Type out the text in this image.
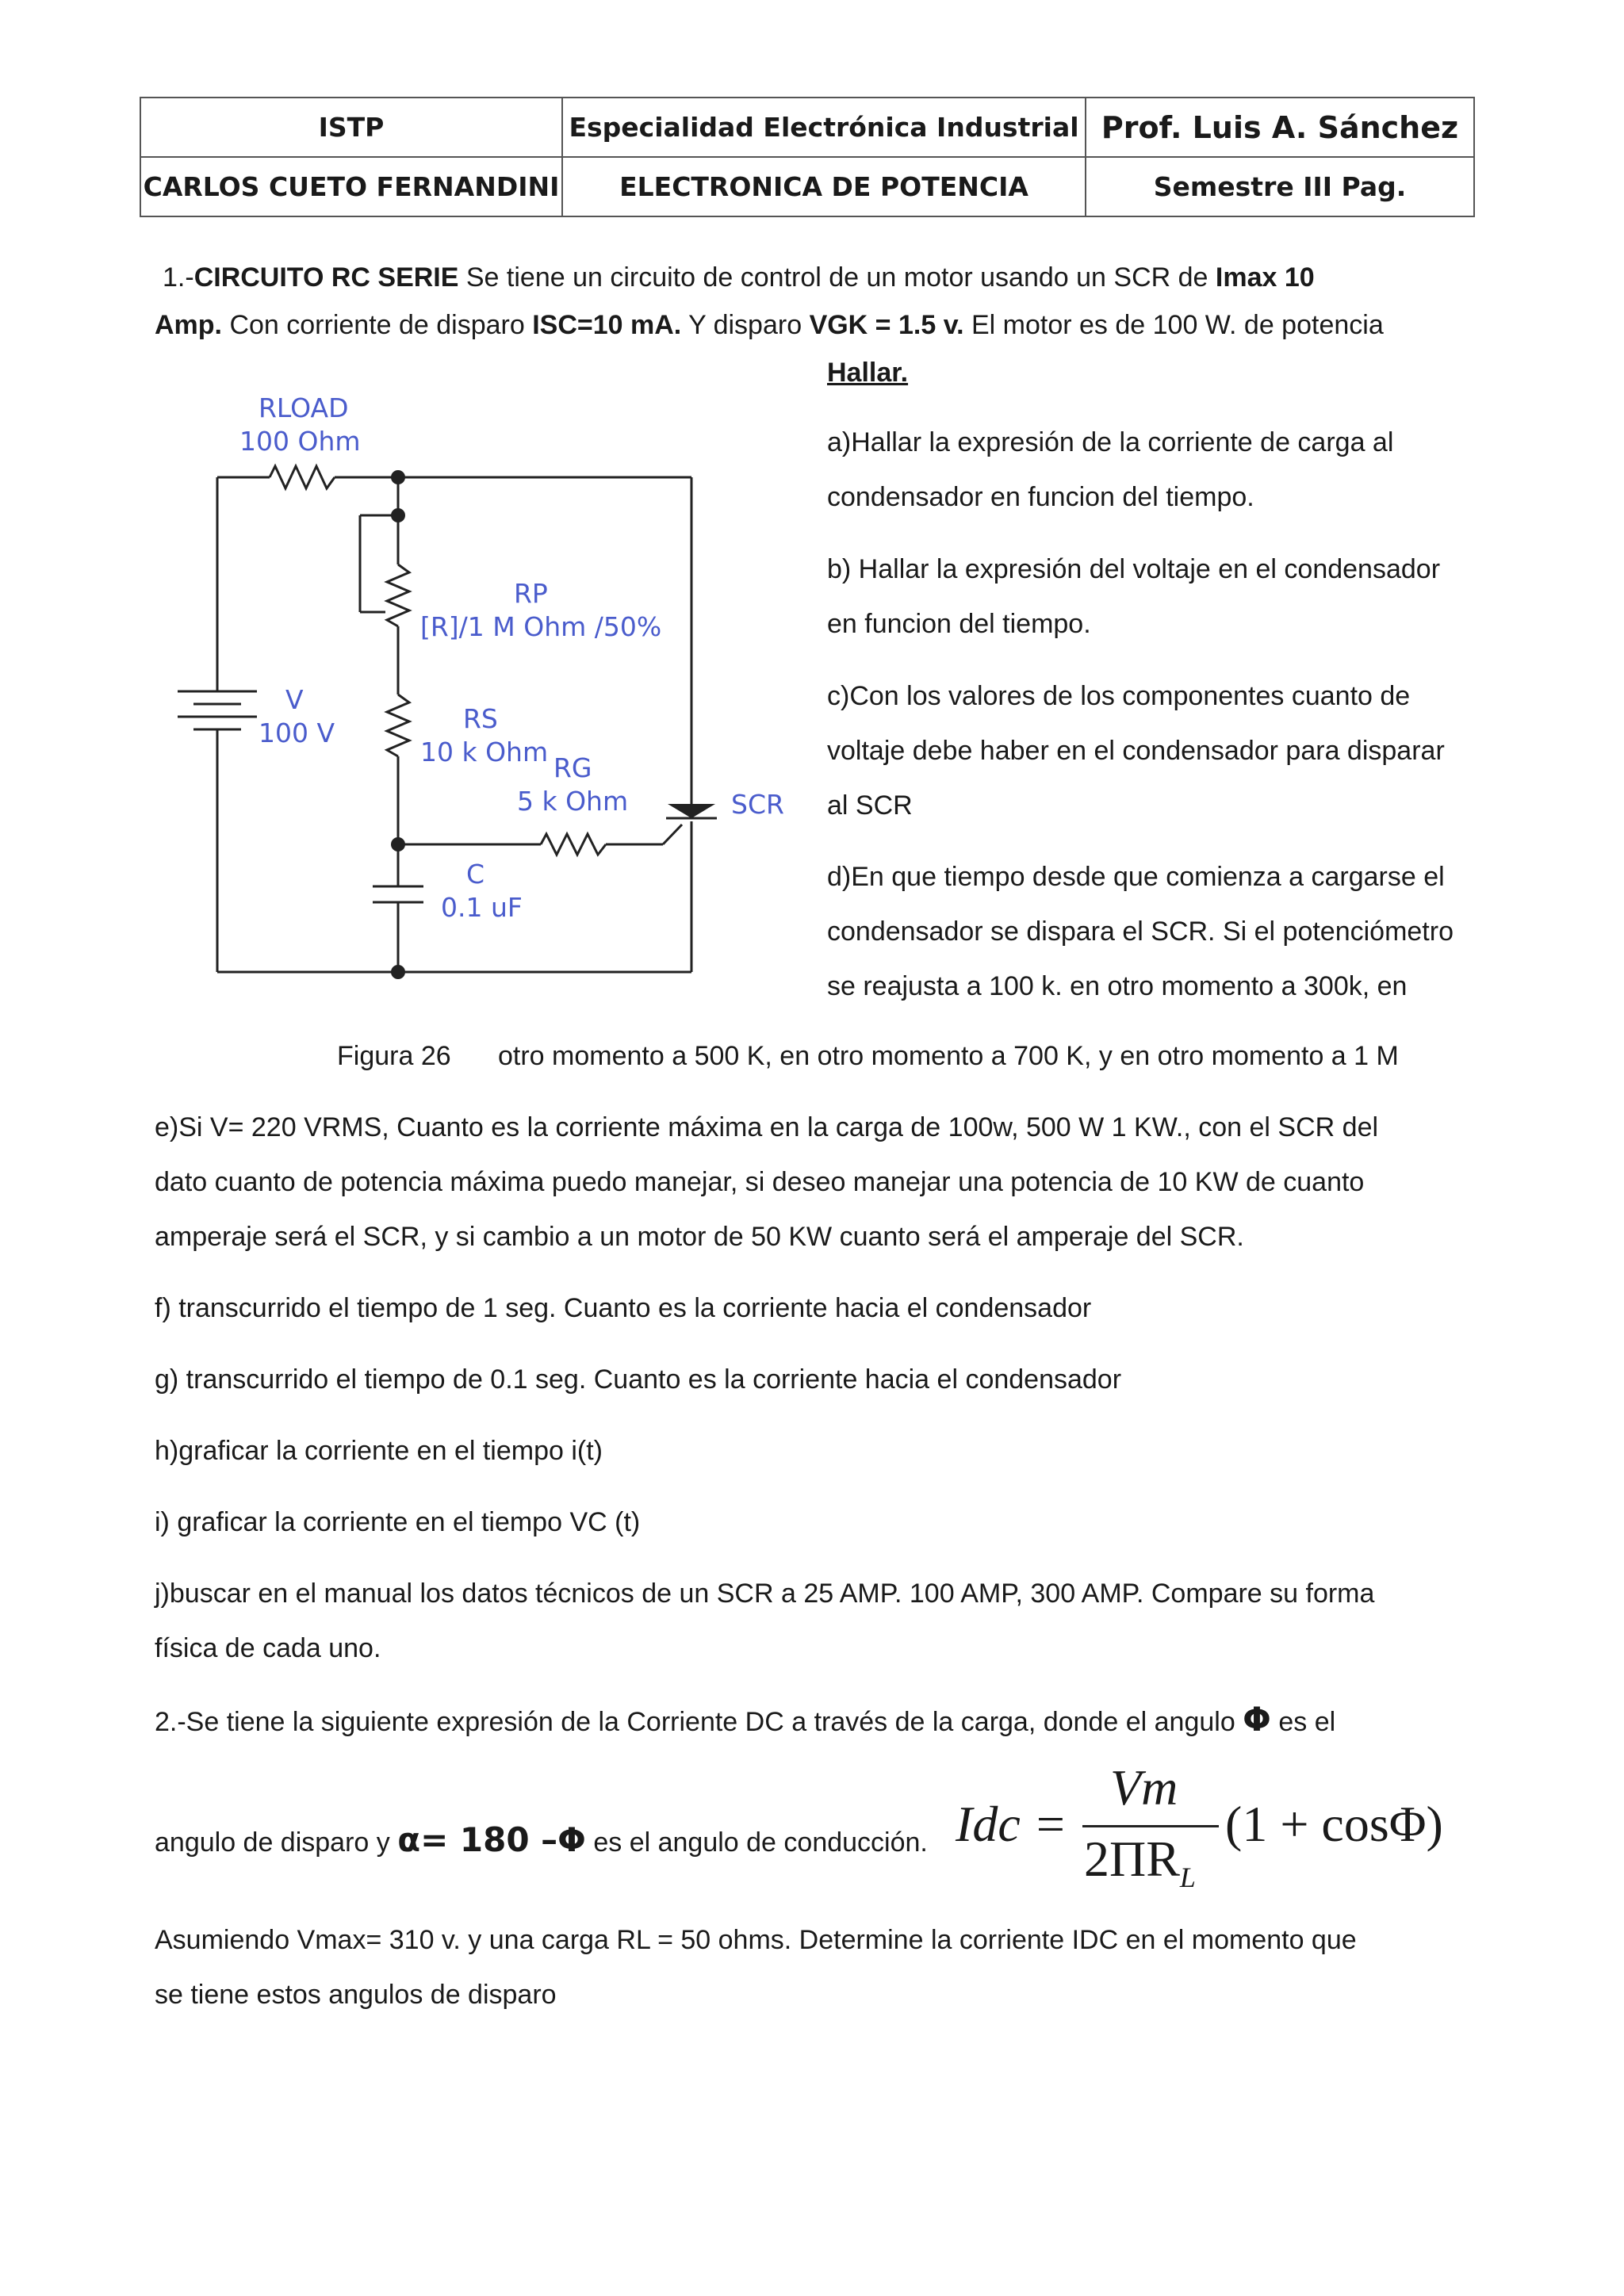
ISTP	Especialidad Electrónica Industrial	Prof. Luis A. Sánchez
CARLOS CUETO FERNANDINI	ELECTRONICA DE POTENCIA	Semestre III Pag.
1.-CIRCUITO RC SERIE Se tiene un circuito de control de un motor usando un SCR de Imax 10
Amp. Con corriente de disparo ISC=10 mA. Y disparo VGK = 1.5 v. El motor es de 100 W. de potencia
Hallar.
a)Hallar la expresión de la corriente de carga al
condensador en funcion del tiempo.
b) Hallar la expresión del voltaje en el condensador
en funcion del tiempo.
c)Con los valores de los componentes cuanto de
voltaje debe haber en el condensador para disparar
al SCR
d)En que tiempo desde que comienza a cargarse el
condensador se dispara el SCR. Si el potenciómetro
se reajusta a 100 k. en otro momento a 300k, en
Figura 26 otro momento a 500 K, en otro momento a 700 K, y en otro momento a 1 M
RLOAD
100 Ohm
RP
[R]/1 M Ohm /50%
V
100 V	RS
10 k Ohm
RG
5 k Ohm	SCR
C
0.1 uF
e)Si V= 220 VRMS, Cuanto es la corriente máxima en la carga de 100w, 500 W 1 KW., con el SCR del
dato cuanto de potencia máxima puedo manejar, si deseo manejar una potencia de 10 KW de cuanto
amperaje será el SCR, y si cambio a un motor de 50 KW cuanto será el amperaje del SCR.
f) transcurrido el tiempo de 1 seg. Cuanto es la corriente hacia el condensador
g) transcurrido el tiempo de 0.1 seg. Cuanto es la corriente hacia el condensador
h)graficar la corriente en el tiempo i(t)
i) graficar la corriente en el tiempo VC (t)
j)buscar en el manual los datos técnicos de un SCR a 25 AMP. 100 AMP, 300 AMP. Compare su forma
física de cada uno.
2.-Se tiene la siguiente expresión de la Corriente DC a través de la carga, donde el angulo Φ es el
angulo de disparo y α= 180 –Φ es el angulo de conducción. Idc =
Vm
$2\Pi R_L$
(1 + cosΦ)
Asumiendo Vmax= 310 v. y una carga RL = 50 ohms. Determine la corriente IDC en el momento que
se tiene estos angulos de disparo
